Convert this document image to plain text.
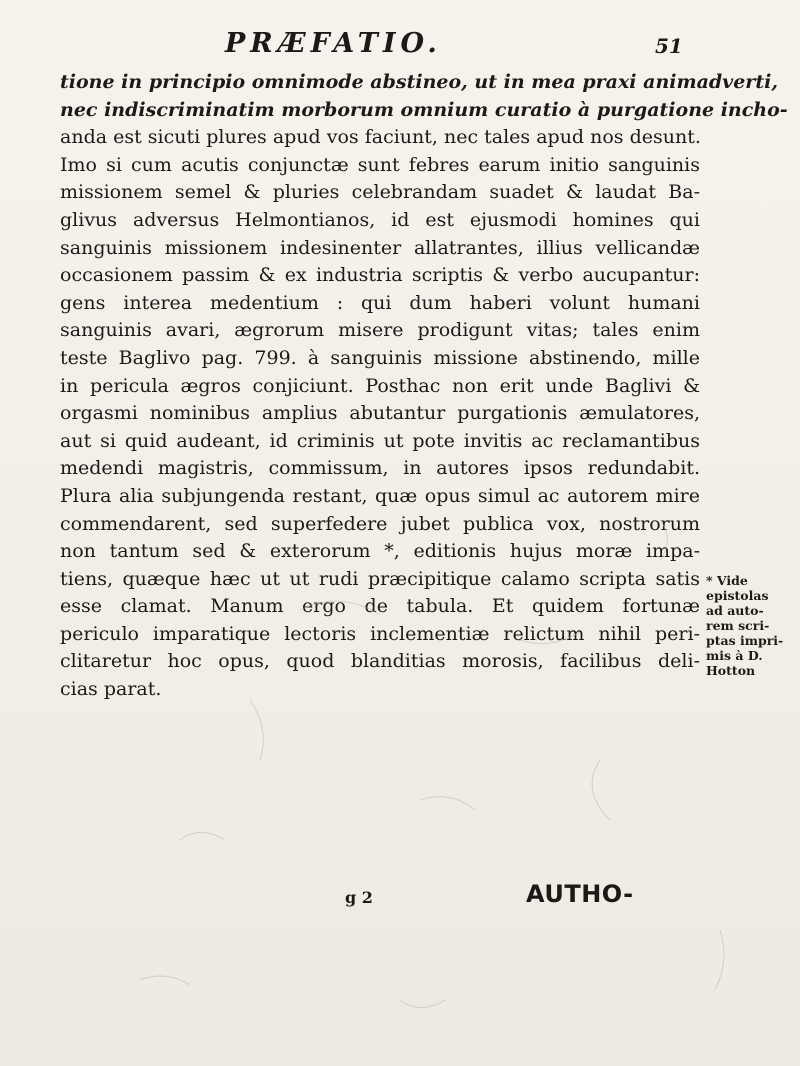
PRÆFATIO.	51
tione in principio omnimode abstineo, ut in mea praxi animadverti,
nec indiscriminatim morborum omnium curatio à purgatione incho-
anda est sicuti plures apud vos faciunt, nec tales apud nos desunt.
Imo si cum acutis conjunctæ sunt febres earum initio sanguinis
missionem semel & pluries celebrandam suadet & laudat Ba-
glivus adversus Helmontianos, id est ejusmodi homines qui
sanguinis missionem indesinenter allatrantes, illius vellicandæ
occasionem passim & ex industria scriptis & verbo aucupantur:
gens interea medentium : qui dum haberi volunt humani
sanguinis avari, ægrorum misere prodigunt vitas; tales enim
teste Baglivo pag. 799. à sanguinis missione abstinendo, mille
in pericula ægros conjiciunt. Posthac non erit unde Baglivi &
orgasmi nominibus amplius abutantur purgationis æmulatores,
aut si quid audeant, id criminis ut pote invitis ac reclamantibus
medendi magistris, commissum, in autores ipsos redundabit.
Plura alia subjungenda restant, quæ opus simul ac autorem mire
commendarent, sed superfedere jubet publica vox, nostrorum
non tantum sed & exterorum *, editionis hujus moræ impa-
tiens, quæque hæc ut ut rudi præcipitique calamo scripta satis
esse clamat. Manum ergo de tabula. Et quidem fortunæ
periculo imparatique lectoris inclementiæ relictum nihil peri-
clitaretur hoc opus, quod blanditias morosis, facilibus deli-
cias parat.
* Vide
epistolas
ad auto-
rem scri-
ptas impri-
mis à D.
Hotton
g 2	AUTHO-
